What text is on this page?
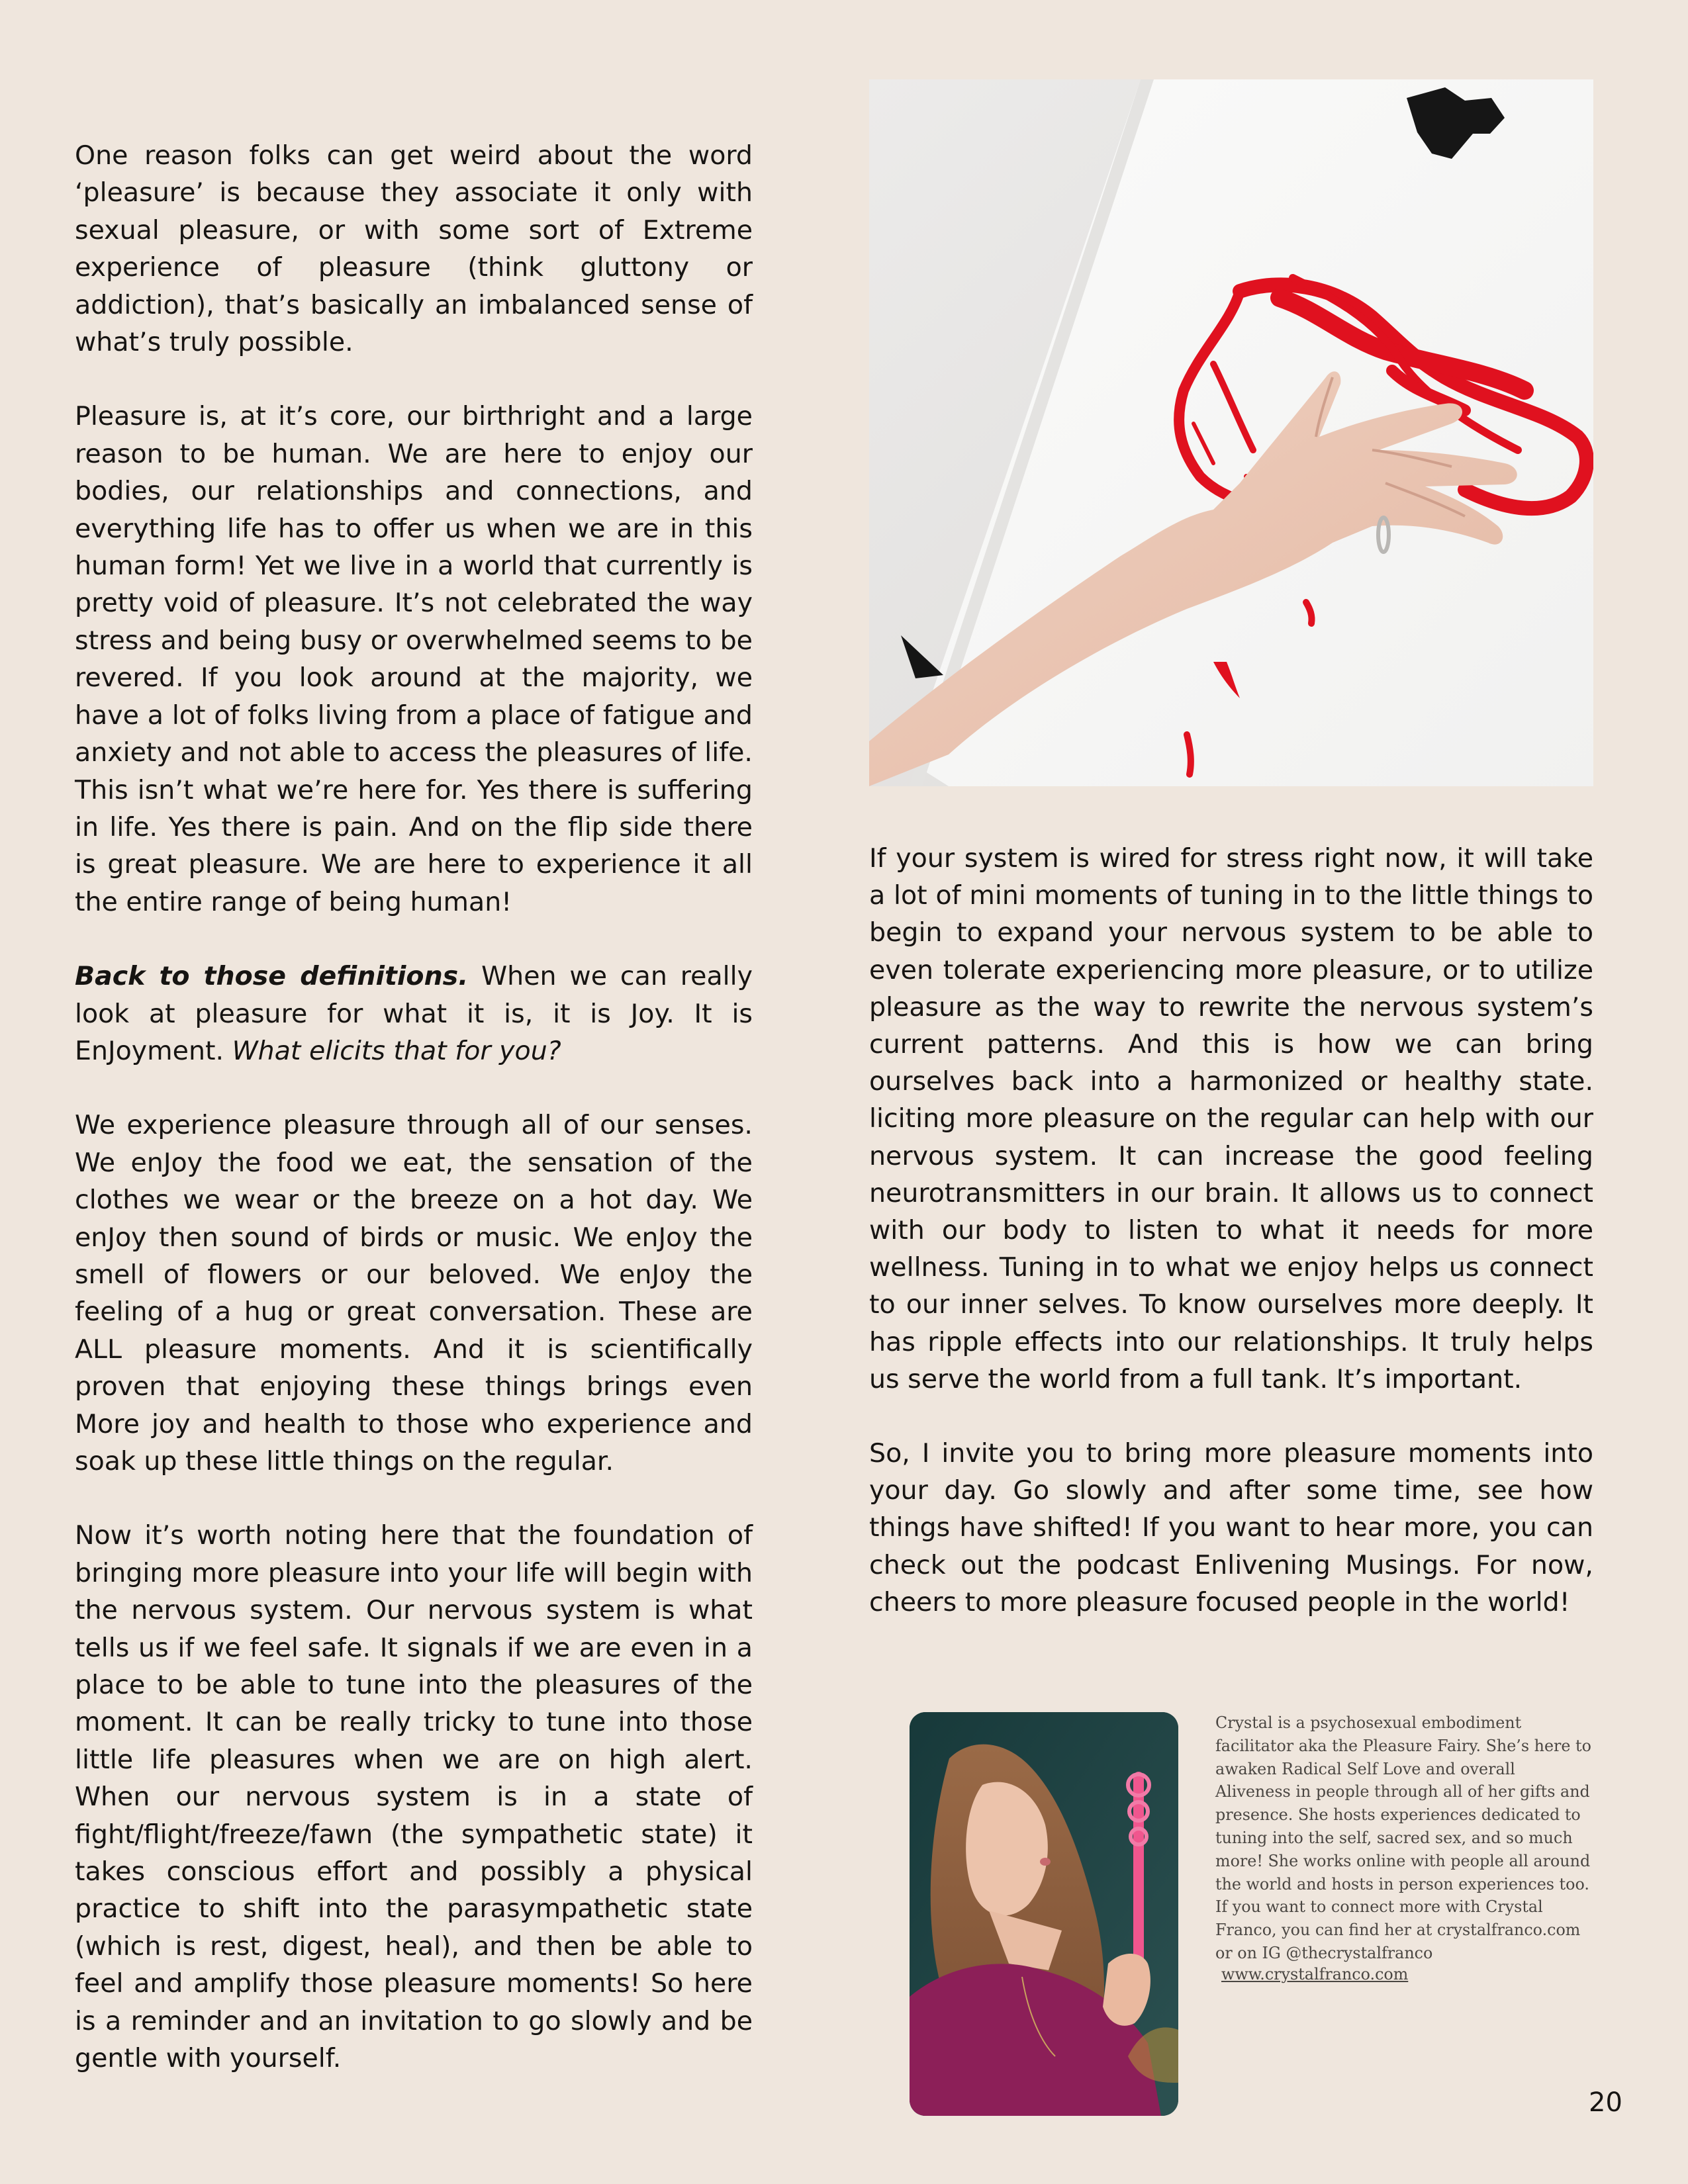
One reason folks can get weird about the word ‘pleasure’ is because they associate it only with sexual pleasure, or with some sort of Extreme experience of pleasure (think gluttony or addiction), that’s basically an imbalanced sense of what’s truly possible.

Pleasure is, at it’s core, our birthright and a large reason to be human. We are here to enjoy our bodies, our relationships and connections, and everything life has to offer us when we are in this human form! Yet we live in a world that currently is pretty void of pleasure. It’s not celebrated the way stress and being busy or overwhelmed seems to be revered. If you look around at the majority, we have a lot of folks living from a place of fatigue and anxiety and not able to access the pleasures of life. This isn’t what we’re here for. Yes there is suffering in life. Yes there is pain. And on the flip side there is great pleasure. We are here to experience it all the entire range of being human!

Back to those definitions. When we can really look at pleasure for what it is, it is Joy. It is EnJoyment. What elicits that for you?

We experience pleasure through all of our senses. We enJoy the food we eat, the sensation of the clothes we wear or the breeze on a hot day. We enJoy then sound of birds or music. We enJoy the smell of flowers or our beloved. We enJoy the feeling of a hug or great conversation. These are ALL pleasure moments. And it is scientifically proven that enjoying these things brings even More joy and health to those who experience and soak up these little things on the regular.

Now it’s worth noting here that the foundation of bringing more pleasure into your life will begin with the nervous system. Our nervous system is what tells us if we feel safe. It signals if we are even in a place to be able to tune into the pleasures of the moment. It can be really tricky to tune into those little life pleasures when we are on high alert. When our nervous system is in a state of fight/flight/freeze/fawn (the sympathetic state) it takes conscious effort and possibly a physical practice to shift into the parasympathetic state (which is rest, digest, heal), and then be able to feel and amplify those pleasure moments! So here is a reminder and an invitation to go slowly and be gentle with yourself.

If your system is wired for stress right now, it will take a lot of mini moments of tuning in to the little things to begin to expand your nervous system to be able to even tolerate experiencing more pleasure, or to utilize pleasure as the way to rewrite the nervous system’s current patterns. And this is how we can bring ourselves back into a harmonized or healthy state. liciting more pleasure on the regular can help with our nervous system. It can increase the good feeling neurotransmitters in our brain. It allows us to connect with our body to listen to what it needs for more wellness. Tuning in to what we enjoy helps us connect to our inner selves. To know ourselves more deeply. It has ripple effects into our relationships. It truly helps us serve the world from a full tank. It’s important.

So, I invite you to bring more pleasure moments into your day. Go slowly and after some time, see how things have shifted! If you want to hear more, you can check out the podcast Enlivening Musings. For now, cheers to more pleasure focused people in the world!

Crystal is a psychosexual embodiment facilitator aka the Pleasure Fairy. She’s here to awaken Radical Self Love and overall Aliveness in people through all of her gifts and presence. She hosts experiences dedicated to tuning into the self, sacred sex, and so much more! She works online with people all around the world and hosts in person experiences too. If you want to connect more with Crystal Franco, you can find her at crystalfranco.com or on IG @thecrystalfranco

www.crystalfranco.com
20
